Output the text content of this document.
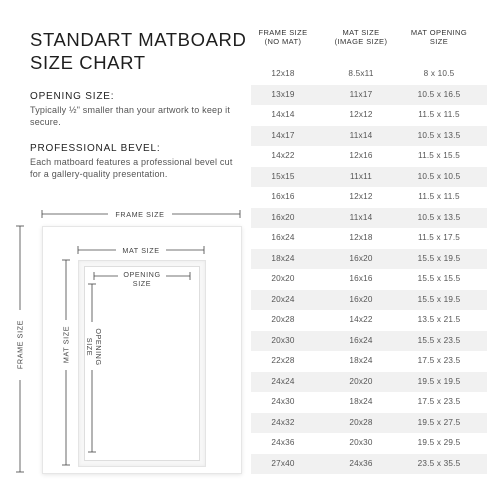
STANDART MATBOARD
SIZE CHART
OPENING SIZE:
Typically ½" smaller than your artwork to keep it secure.
PROFESSIONAL BEVEL:
Each matboard features a professional bevel cut for a gallery-quality presentation.
FRAME SIZE
MAT SIZE
OPENING
SIZE
FRAME SIZE	MAT SIZE	OPENING
SIZE
FRAME SIZE
(NO MAT)
MAT SIZE
(IMAGE SIZE)
MAT OPENING
SIZE
12x18	8.5x11	8 x 10.5
13x19	11x17	10.5 x 16.5
14x14	12x12	11.5 x 11.5
14x17	11x14	10.5 x 13.5
14x22	12x16	11.5 x 15.5
15x15	11x11	10.5 x 10.5
16x16	12x12	11.5 x 11.5
16x20	11x14	10.5 x 13.5
16x24	12x18	11.5 x 17.5
18x24	16x20	15.5 x 19.5
20x20	16x16	15.5 x 15.5
20x24	16x20	15.5 x 19.5
20x28	14x22	13.5 x 21.5
20x30	16x24	15.5 x 23.5
22x28	18x24	17.5 x 23.5
24x24	20x20	19.5 x 19.5
24x30	18x24	17.5 x 23.5
24x32	20x28	19.5 x 27.5
24x36	20x30	19.5 x 29.5
27x40	24x36	23.5 x 35.5
